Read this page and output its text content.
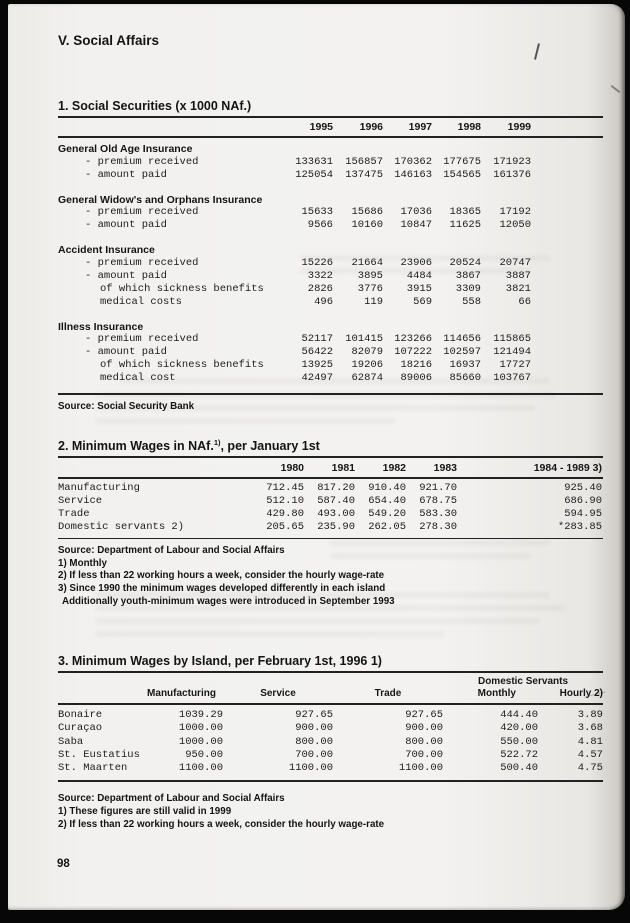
V. Social Affairs
1. Social Securities (x 1000 NAf.)
1995	1996	1997	1998	1999
General Old Age Insurance
- premium received	133631	156857	170362	177675	171923
- amount paid	125054	137475	146163	154565	161376
General Widow's and Orphans Insurance
- premium received	15633	15686	17036	18365	17192
- amount paid	9566	10160	10847	11625	12050
Accident Insurance
- premium received	15226	21664	23906	20524	20747
- amount paid	3322	3895	4484	3867	3887
of which sickness benefits	2826	3776	3915	3309	3821
medical costs	496	119	569	558	66
Illness Insurance
- premium received	52117	101415	123266	114656	115865
- amount paid	56422	82079	107222	102597	121494
of which sickness benefits	13925	19206	18216	16937	17727
medical cost	42497	62874	89006	85660	103767
Source: Social Security Bank
2. Minimum Wages in NAf.$^{1)}$, per January 1st
1980	1981	1982	1983	1984 - 1989 3)
Manufacturing	712.45	817.20	910.40	921.70	925.40
Service	512.10	587.40	654.40	678.75	686.90
Trade	429.80	493.00	549.20	583.30	594.95
Domestic servants 2)	205.65	235.90	262.05	278.30	*283.85
Source: Department of Labour and Social Affairs
1) Monthly
2) If less than 22 working hours a week, consider the hourly wage-rate
3) Since 1990 the minimum wages developed differently in each island
Additionally youth-minimum wages were introduced in September 1993
3. Minimum Wages by Island, per February 1st, 1996 1)
Domestic Servants
Manufacturing	Service	Trade	Monthly	Hourly 2)
Bonaire	1039.29	927.65	927.65	444.40	3.89
Curaçao	1000.00	900.00	900.00	420.00	3.68
Saba	1000.00	800.00	800.00	550.00	4.81
St. Eustatius	950.00	700.00	700.00	522.72	4.57
St. Maarten	1100.00	1100.00	1100.00	500.40	4.75
Source: Department of Labour and Social Affairs
1) These figures are still valid in 1999
2) If less than 22 working hours a week, consider the hourly wage-rate
98
